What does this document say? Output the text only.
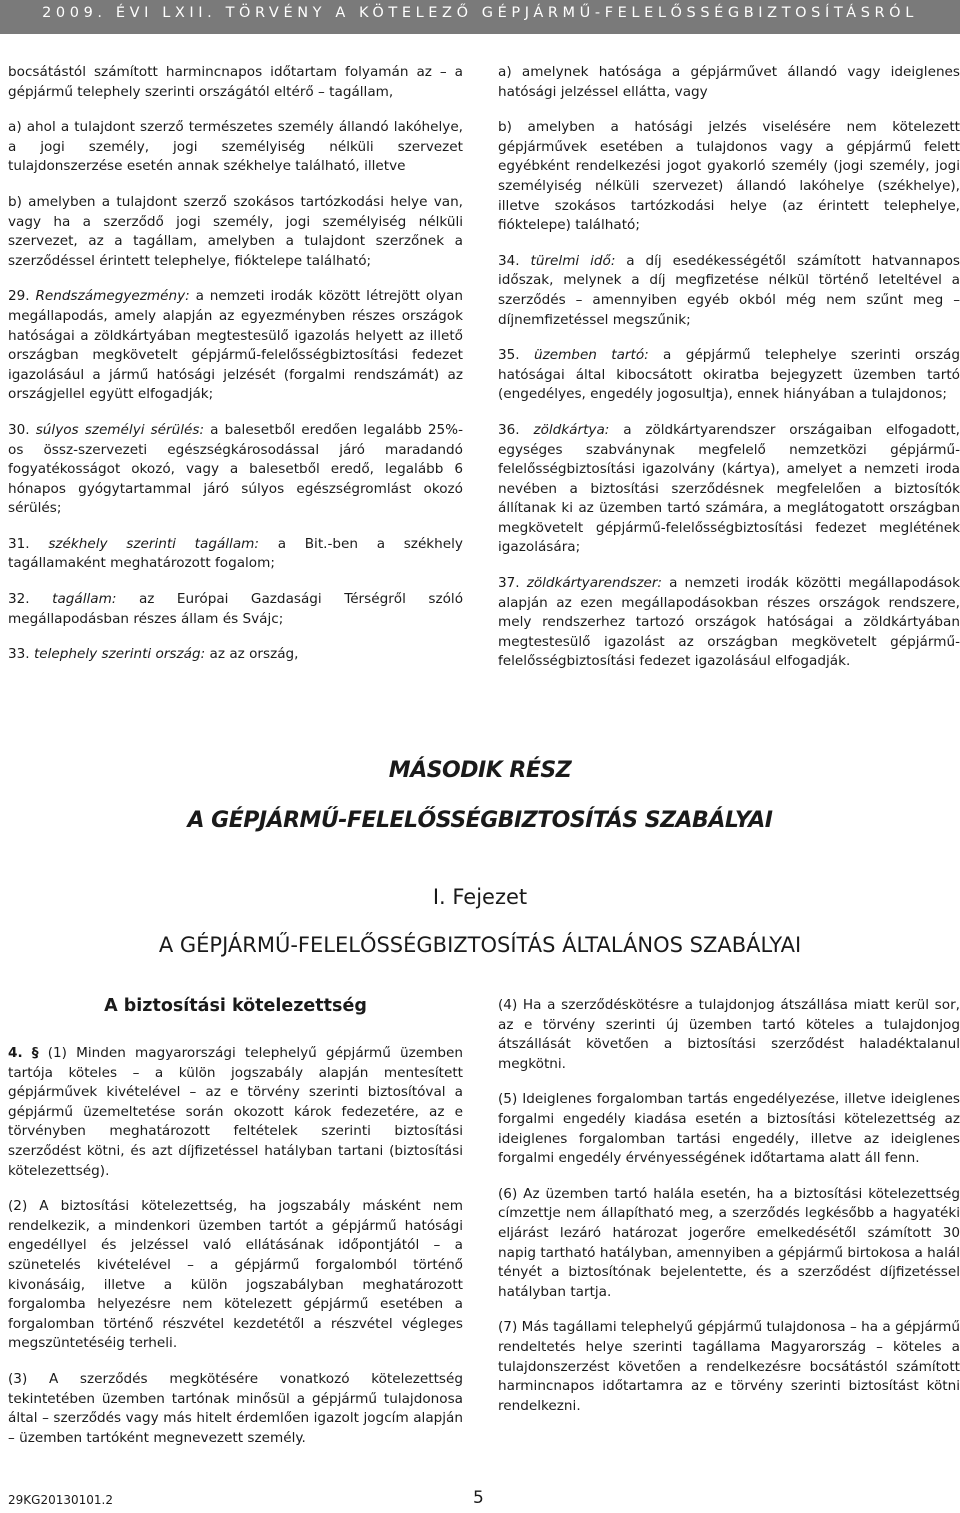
2009. ÉVI LXII. TÖRVÉNY A KÖTELEZŐ GÉPJÁRMŰ-FELELŐSSÉGBIZTOSÍTÁSRÓL

bocsátástól számított harmincnapos időtartam folyamán az – a gépjármű telephely szerinti országától eltérő – tagállam,

a) ahol a tulajdont szerző természetes személy állandó lakóhelye, a jogi személy, jogi személyiség nélküli szervezet tulajdonszerzése esetén annak székhelye található, illetve

b) amelyben a tulajdont szerző szokásos tartózkodási helye van, vagy ha a szerződő jogi személy, jogi személyiség nélküli szervezet, az a tagállam, amelyben a tulajdont szerzőnek a szerződéssel érintett telephelye, fióktelepe található;

29. Rendszámegyezmény: a nemzeti irodák között létrejött olyan megállapodás, amely alapján az egyezményben részes országok hatóságai a zöldkártyában megtestesülő igazolás helyett az illető országban megkövetelt gépjármű-felelősségbiztosítási fedezet igazolásául a jármű hatósági jelzését (forgalmi rendszámát) az országjellel együtt elfogadják;

30. súlyos személyi sérülés: a balesetből eredően legalább 25%-os össz-szervezeti egészségkárosodással járó maradandó fogyatékosságot okozó, vagy a balesetből eredő, legalább 6 hónapos gyógytartammal járó súlyos egészségromlást okozó sérülés;

31. székhely szerinti tagállam: a Bit.-ben a székhely tagállamaként meghatározott fogalom;

32. tagállam: az Európai Gazdasági Térségről szóló megállapodásban részes állam és Svájc;

33. telephely szerinti ország: az az ország,

a) amelynek hatósága a gépjárművet állandó vagy ideiglenes hatósági jelzéssel ellátta, vagy

b) amelyben a hatósági jelzés viselésére nem kötelezett gépjárművek esetében a tulajdonos vagy a gépjármű felett egyébként rendelkezési jogot gyakorló személy (jogi személy, jogi személyiség nélküli szervezet) állandó lakóhelye (székhelye), illetve szokásos tartózkodási helye (az érintett telephelye, fióktelepe) található;

34. türelmi idő: a díj esedékességétől számított hatvannapos időszak, melynek a díj megfizetése nélkül történő leteltével a szerződés – amennyiben egyéb okból még nem szűnt meg – díjnemfizetéssel megszűnik;

35. üzemben tartó: a gépjármű telephelye szerinti ország hatóságai által kibocsátott okiratba bejegyzett üzemben tartó (engedélyes, engedély jogosultja), ennek hiányában a tulajdonos;

36. zöldkártya: a zöldkártyarendszer országaiban elfogadott, egységes szabványnak megfelelő nemzetközi gépjármű-felelősségbiztosítási igazolvány (kártya), amelyet a nemzeti iroda nevében a biztosítási szerződésnek megfelelően a biztosítók állítanak ki az üzemben tartó számára, a meglátogatott országban megkövetelt gépjármű-felelősségbiztosítási fedezet meglétének igazolására;

37. zöldkártyarendszer: a nemzeti irodák közötti megállapodások alapján az ezen megállapodásokban részes országok rendszere, mely rendszerhez tartozó országok hatóságai a zöldkártyában megtestesülő igazolást az országban megkövetelt gépjármű-felelősségbiztosítási fedezet igazolásául elfogadják.

MÁSODIK RÉSZ
A GÉPJÁRMŰ-FELELŐSSÉGBIZTOSÍTÁS SZABÁLYAI
I. Fejezet
A GÉPJÁRMŰ-FELELŐSSÉGBIZTOSÍTÁS ÁLTALÁNOS SZABÁLYAI
A biztosítási kötelezettség

4. § (1) Minden magyarországi telephelyű gépjármű üzemben tartója köteles – a külön jogszabály alapján mentesített gépjárművek kivételével – az e törvény szerinti biztosítóval a gépjármű üzemeltetése során okozott károk fedezetére, az e törvényben meghatározott feltételek szerinti biztosítási szerződést kötni, és azt díjfizetéssel hatályban tartani (biztosítási kötelezettség).

(2) A biztosítási kötelezettség, ha jogszabály másként nem rendelkezik, a mindenkori üzemben tartót a gépjármű hatósági engedéllyel és jelzéssel való ellátásának időpontjától – a szünetelés kivételével – a gépjármű forgalomból történő kivonásáig, illetve a külön jogszabályban meghatározott forgalomba helyezésre nem kötelezett gépjármű esetében a forgalomban történő részvétel kezdetétől a részvétel végleges megszüntetéséig terheli.

(3) A szerződés megkötésére vonatkozó kötelezettség tekintetében üzemben tartónak minősül a gépjármű tulajdonosa által – szerződés vagy más hitelt érdemlően igazolt jogcím alapján – üzemben tartóként megnevezett személy.

(4) Ha a szerződéskötésre a tulajdonjog átszállása miatt kerül sor, az e törvény szerinti új üzemben tartó köteles a tulajdonjog átszállását követően a biztosítási szerződést haladéktalanul megkötni.

(5) Ideiglenes forgalomban tartás engedélyezése, illetve ideiglenes forgalmi engedély kiadása esetén a biztosítási kötelezettség az ideiglenes forgalomban tartási engedély, illetve az ideiglenes forgalmi engedély érvényességének időtartama alatt áll fenn.

(6) Az üzemben tartó halála esetén, ha a biztosítási kötelezettség címzettje nem állapítható meg, a szerződés legkésőbb a hagyatéki eljárást lezáró határozat jogerőre emelkedésétől számított 30 napig tartható hatályban, amennyiben a gépjármű birtokosa a halál tényét a biztosítónak bejelentette, és a szerződést díjfizetéssel hatályban tartja.

(7) Más tagállami telephelyű gépjármű tulajdonosa – ha a gépjármű rendeltetés helye szerinti tagállama Magyarország – köteles a tulajdonszerzést követően a rendelkezésre bocsátástól számított harmincnapos időtartamra az e törvény szerinti biztosítást kötni rendelkezni.

29KG20130101.2	5
